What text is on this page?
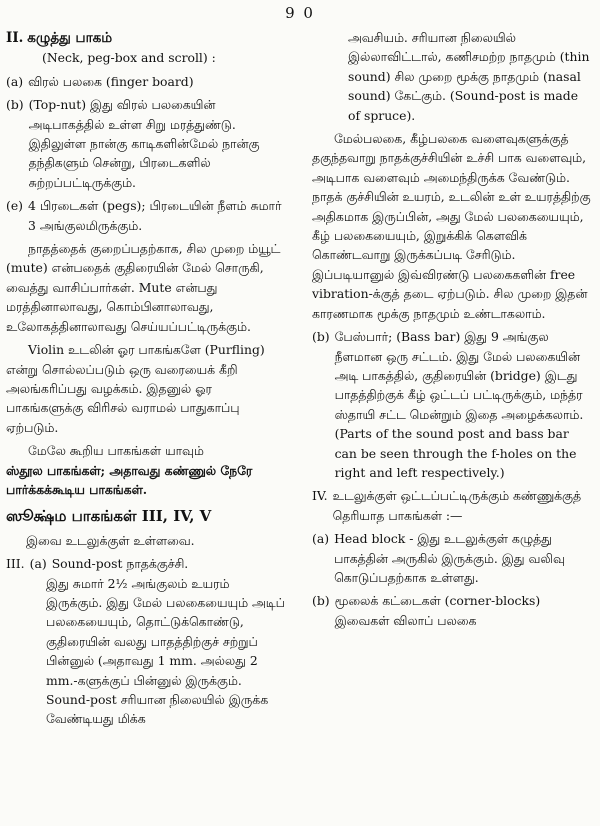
9 0
II. கழுத்து பாகம்
(Neck, peg-box and scroll) :
(a) விரல் பலகை (finger board)
(b) (Top-nut) இது விரல் பலகையின் அடிபாகத்தில் உள்ள சிறு மரத்துண்டு. இதிலுள்ள நான்கு காடிகளின்மேல் நான்கு தந்திகளும் சென்று, பிரடைகளில் சுற்றப்பட்டிருக்கும்.
(e) 4 பிரடைகள் (pegs); பிரடையின் நீளம் சுமார் 3 அங்குலமிருக்கும்.
நாதத்தைக் குறைப்பதற்காக, சில முறை ம்யூட் (mute) என்பதைக் குதிரையின் மேல் சொருகி, வைத்து வாசிப்பார்கள். Mute என்பது மரத்தினாலாவது, கொம்பினாலாவது, உலோகத்தினாலாவது செய்யப்பட்டிருக்கும்.
Violin உடலின் ஓர பாகங்களே (Purfling) என்று சொல்லப்படும் ஒரு வரையைக் கீறி அலங்கரிப்பது வழக்கம். இதனுல் ஓர பாகங்களுக்கு விரிசல் வராமல் பாதுகாப்பு ஏற்படும்.
மேலே கூறிய பாகங்கள் யாவும்
ஸ்தூல பாகங்கள்; அதாவது கண்ணுல் நேரே பார்க்கக்கூடிய பாகங்கள்.
ஸூக்ஷ்ம பாகங்கள் III, IV, V
இவை உடலுக்குள் உள்ளவை.
III. (a) Sound-post நாதக்குச்சி.
இது சுமார் 2½ அங்குலம் உயரம் இருக்கும். இது மேல் பலகையையும் அடிப் பலகையையும், தொட்டுக்கொண்டு, குதிரையின் வலது பாதத்திற்குச் சற்றுப் பின்னுல் (அதாவது 1 mm. அல்லது 2 mm.-களுக்குப் பின்னுல் இருக்கும். Sound-post சரியான நிலையில் இருக்க வேண்டியது மிக்க
அவசியம். சரியான நிலையில் இல்லாவிட்டால், கணிசமற்ற நாதமும் (thin sound) சில முறை மூக்கு நாதமும் (nasal sound) கேட்கும். (Sound-post is made of spruce).
மேல்பலகை, கீழ்பலகை வளைவுகளுக்குத் தகுந்தவாறு நாதக்குச்சியின் உச்சி பாக வளைவும், அடிபாக வளைவும் அமைந்திருக்க வேண்டும். நாதக் குச்சியின் உயரம், உடலின் உள் உயரத்திற்கு அதிகமாக இருப்பின், அது மேல் பலகையையும், கீழ் பலகையையும், இறுக்கிக் கௌவிக் கொண்டவாறு இருக்கப்படி சேரிடும். இப்படியானுல் இவ்விரண்டு பலகைகளின் free vibration-க்குத் தடை ஏற்படும். சில முறை இதன் காரணமாக மூக்கு நாதமும் உண்டாகலாம்.
(b) பேஸ்பார்; (Bass bar) இது 9 அங்குல நீளமான ஒரு சட்டம். இது மேல் பலகையின் அடி பாகத்தில், குதிரையின் (bridge) இடது பாதத்திற்குக் கீழ் ஒட்டப் பட்டிருக்கும், மந்த்ர ஸ்தாயி சட்ட மென்றும் இதை அழைக்கலாம். (Parts of the sound post and bass bar can be seen through the f-holes on the right and left respectively.)
IV. உடலுக்குள் ஒட்டப்பட்டிருக்கும் கண்ணுக்குத் தெரியாத பாகங்கள் :—
(a) Head block - இது உடலுக்குள் கழுத்து பாகத்தின் அருகில் இருக்கும். இது வலிவு கொடுப்பதற்காக உள்ளது.
(b) மூலைக் கட்டைகள் (corner-blocks) இவைகள் விலாப் பலகை
